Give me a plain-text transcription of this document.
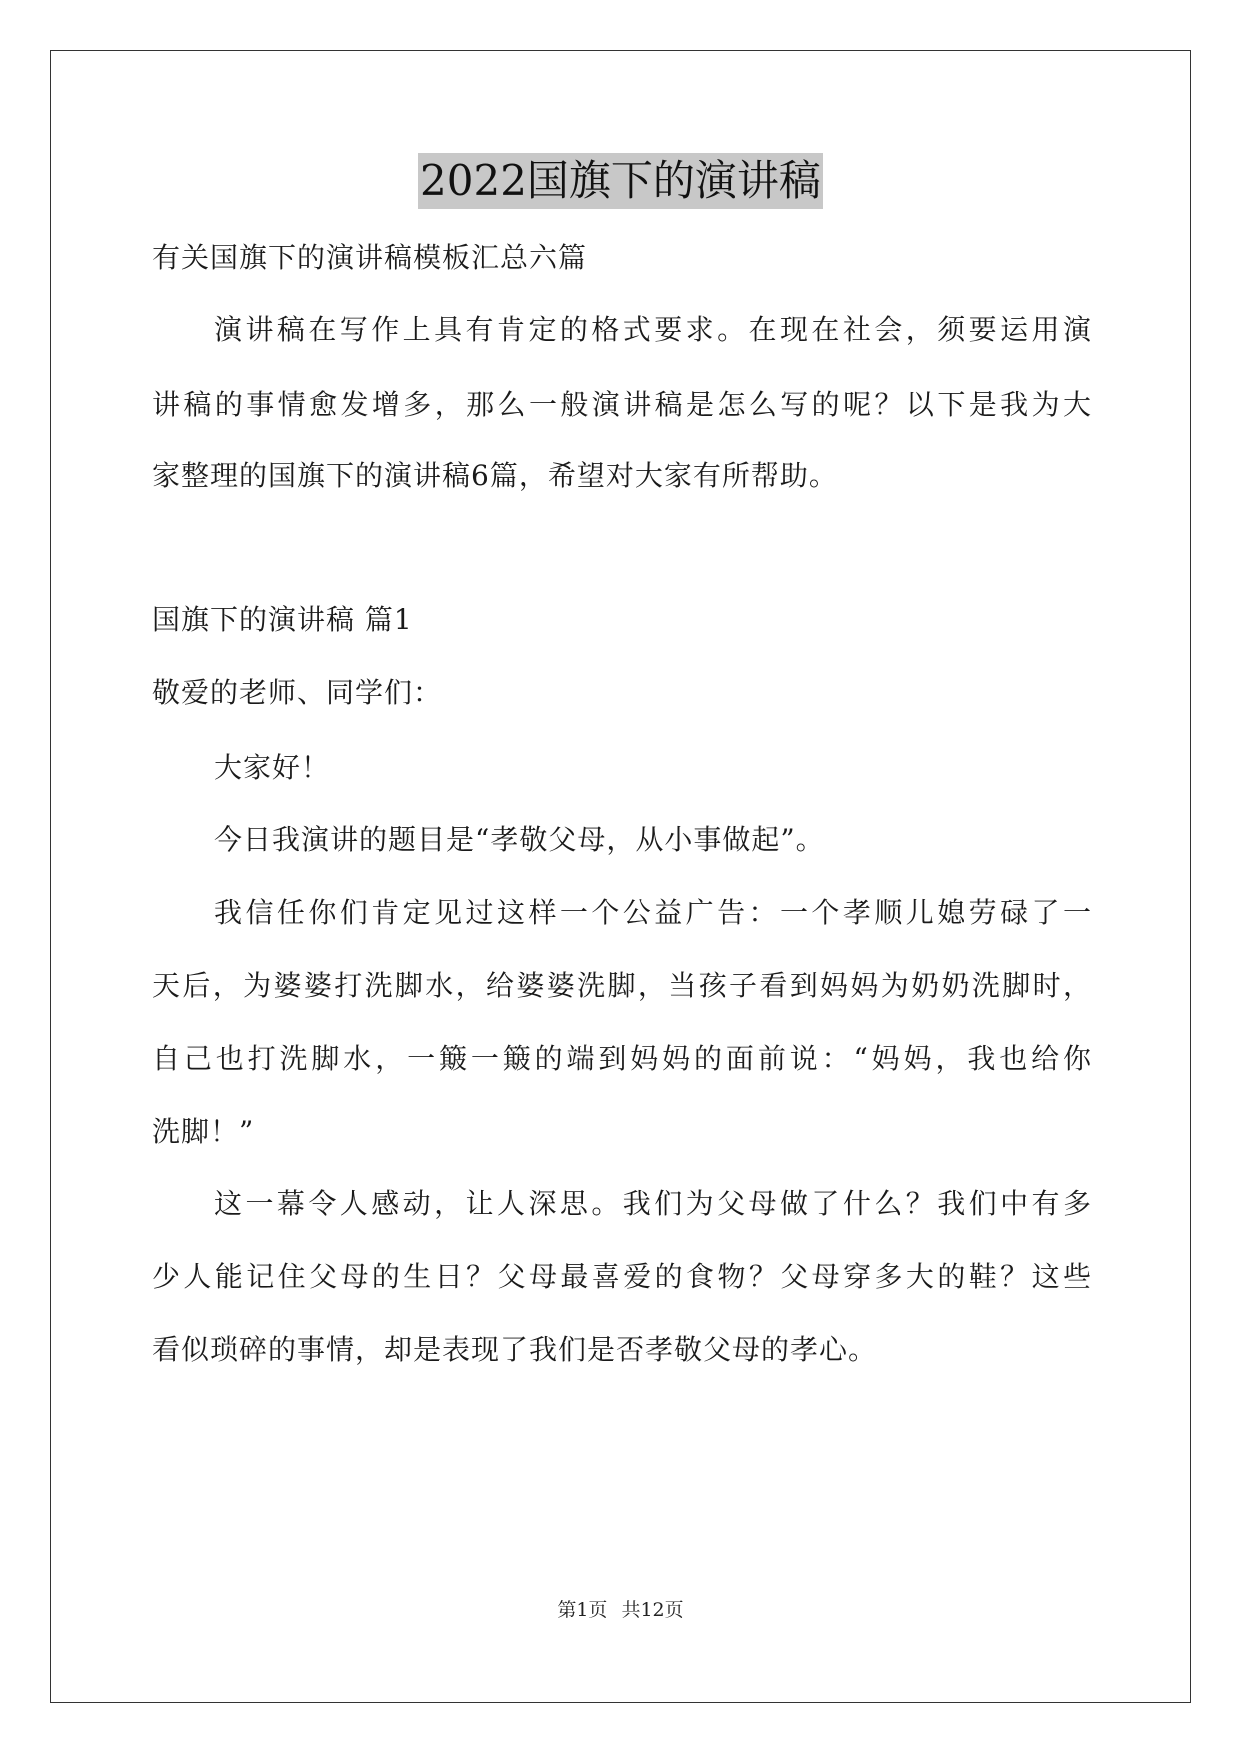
2022国旗下的演讲稿
有关国旗下的演讲稿模板汇总六篇
演讲稿在写作上具有肯定的格式要求。在现在社会，须要运用演
讲稿的事情愈发增多，那么一般演讲稿是怎么写的呢？以下是我为大
家整理的国旗下的演讲稿6篇，希望对大家有所帮助。
国旗下的演讲稿 篇1
敬爱的老师、同学们：
大家好！
今日我演讲的题目是“孝敬父母，从小事做起”。
我信任你们肯定见过这样一个公益广告：一个孝顺儿媳劳碌了一
天后，为婆婆打洗脚水，给婆婆洗脚，当孩子看到妈妈为奶奶洗脚时，
自己也打洗脚水，一簸一簸的端到妈妈的面前说：“妈妈，我也给你
洗脚！”
这一幕令人感动，让人深思。我们为父母做了什么？我们中有多
少人能记住父母的生日？父母最喜爱的食物？父母穿多大的鞋？这些
看似琐碎的事情，却是表现了我们是否孝敬父母的孝心。
第1页 共12页
